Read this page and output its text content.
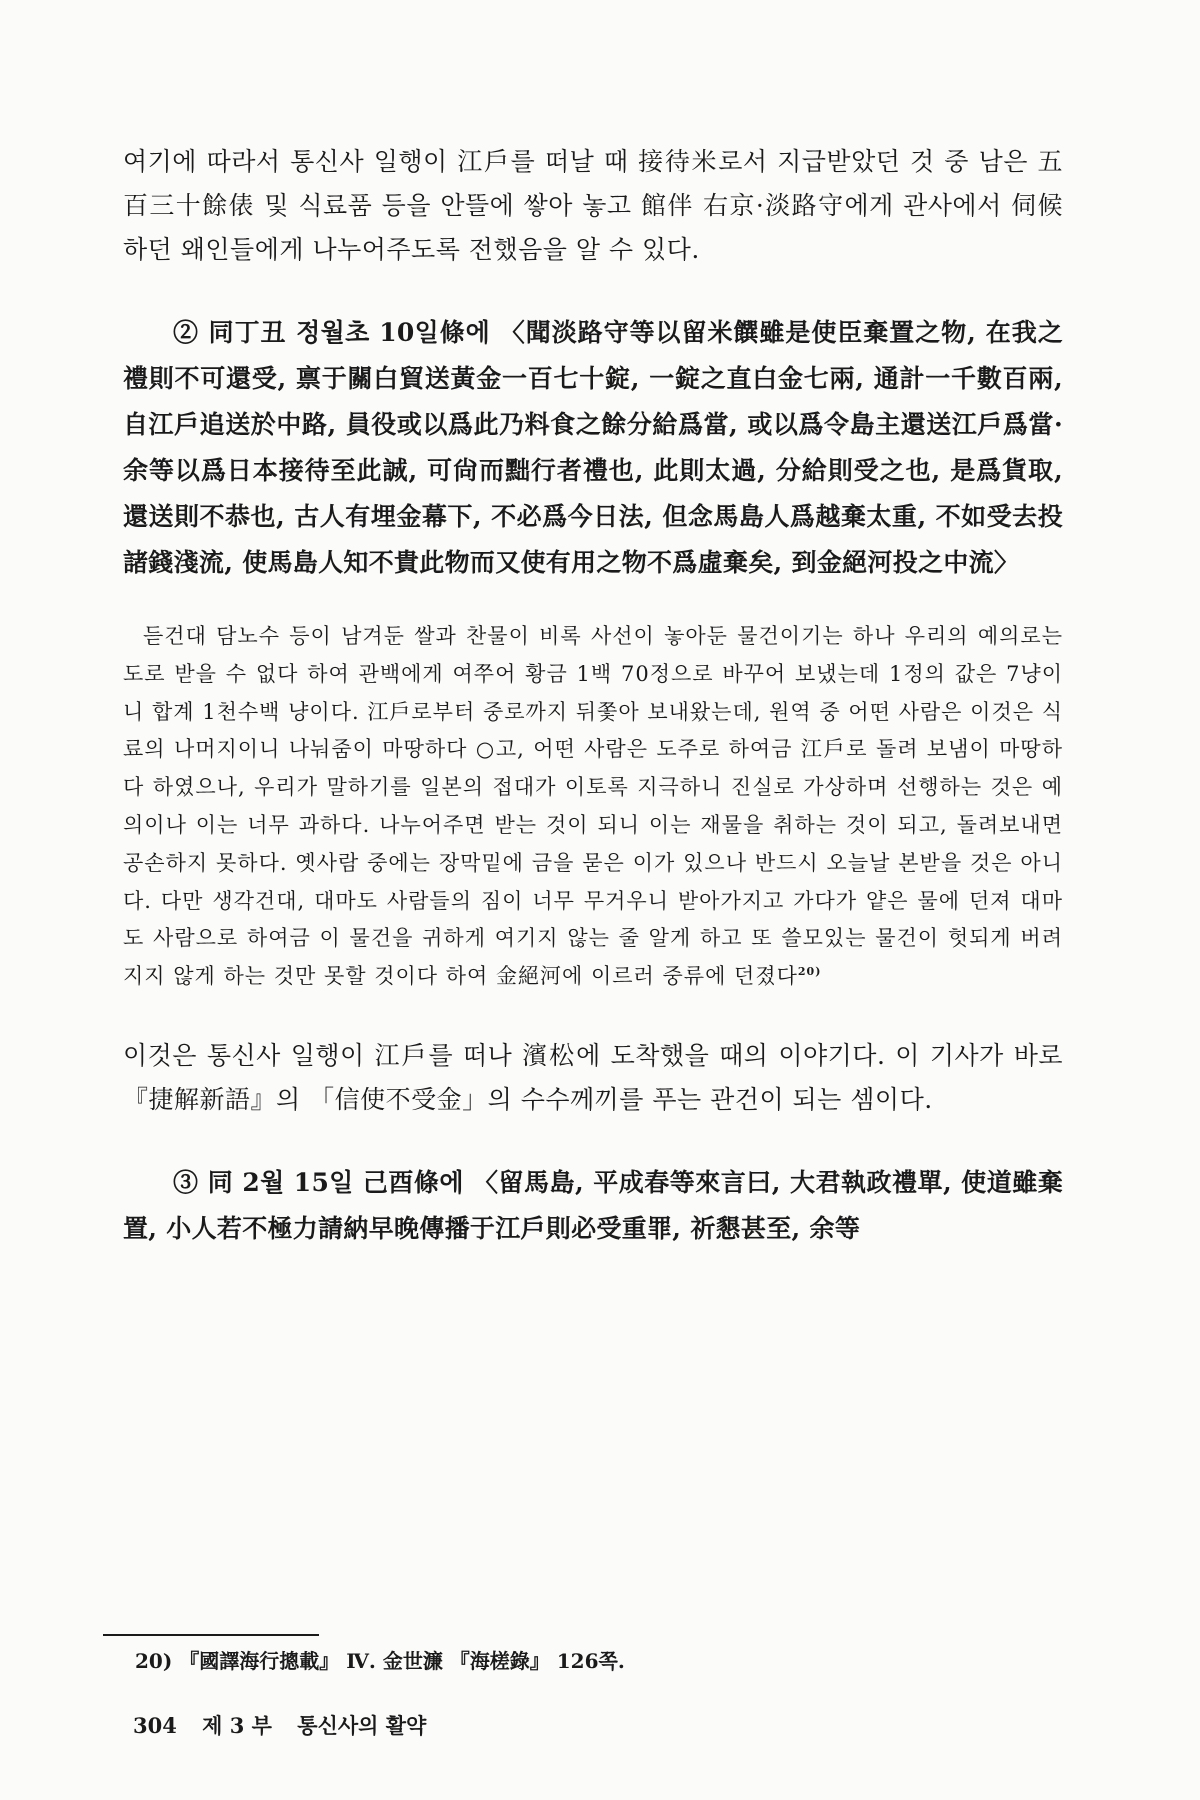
여기에 따라서 통신사 일행이 江戶를 떠날 때 接待米로서 지급받았던 것 중 남은 五百三十餘俵 및 식료품 등을 안뜰에 쌓아 놓고 館伴 右京·淡路守에게 관사에서 伺候하던 왜인들에게 나누어주도록 전했음을 알 수 있다.

② 同丁丑 정월초 10일條에 〈聞淡路守等以留米饌雖是使臣棄置之物, 在我之禮則不可還受, 禀于關白貿送黃金一百七十錠, 一錠之直白金七兩, 通計一千數百兩, 自江戶追送於中路, 員役或以爲此乃料食之餘分給爲當, 或以爲令島主還送江戶爲當·余等以爲日本接待至此誠, 可尙而黜行者禮也, 此則太過, 分給則受之也, 是爲貨取, 還送則不恭也, 古人有埋金幕下, 不必爲今日法, 但念馬島人爲越棄太重, 不如受去投諸錢淺流, 使馬島人知不貴此物而又使有用之物不爲虛棄矣, 到金絕河投之中流〉

듣건대 담노수 등이 남겨둔 쌀과 찬물이 비록 사선이 놓아둔 물건이기는 하나 우리의 예의로는 도로 받을 수 없다 하여 관백에게 여쭈어 황금 1백 70정으로 바꾸어 보냈는데 1정의 값은 7냥이니 합계 1천수백 냥이다. 江戶로부터 중로까지 뒤쫓아 보내왔는데, 원역 중 어떤 사람은 이것은 식료의 나머지이니 나눠줌이 마땅하다 ○고, 어떤 사람은 도주로 하여금 江戶로 돌려 보냄이 마땅하다 하였으나, 우리가 말하기를 일본의 접대가 이토록 지극하니 진실로 가상하며 선행하는 것은 예의이나 이는 너무 과하다. 나누어주면 받는 것이 되니 이는 재물을 취하는 것이 되고, 돌려보내면 공손하지 못하다. 옛사람 중에는 장막밑에 금을 묻은 이가 있으나 반드시 오늘날 본받을 것은 아니다. 다만 생각건대, 대마도 사람들의 짐이 너무 무거우니 받아가지고 가다가 얕은 물에 던져 대마도 사람으로 하여금 이 물건을 귀하게 여기지 않는 줄 알게 하고 또 쓸모있는 물건이 헛되게 버려지지 않게 하는 것만 못할 것이다 하여 金絕河에 이르러 중류에 던졌다$^{20)}$

이것은 통신사 일행이 江戶를 떠나 濱松에 도착했을 때의 이야기다. 이 기사가 바로 『捷解新語』의 「信使不受金」의 수수께끼를 푸는 관건이 되는 셈이다.

③ 同 2월 15일 己酉條에 〈留馬島, 平成春等來言曰, 大君執政禮單, 使道雖棄置, 小人若不極力請納早晚傳播于江戶則必受重罪, 祈懇甚至, 余等

20) 『國譯海行摠載』 Ⅳ. 金世濂 『海槎錄』 126쪽.
304 제 3 부 통신사의 활약
